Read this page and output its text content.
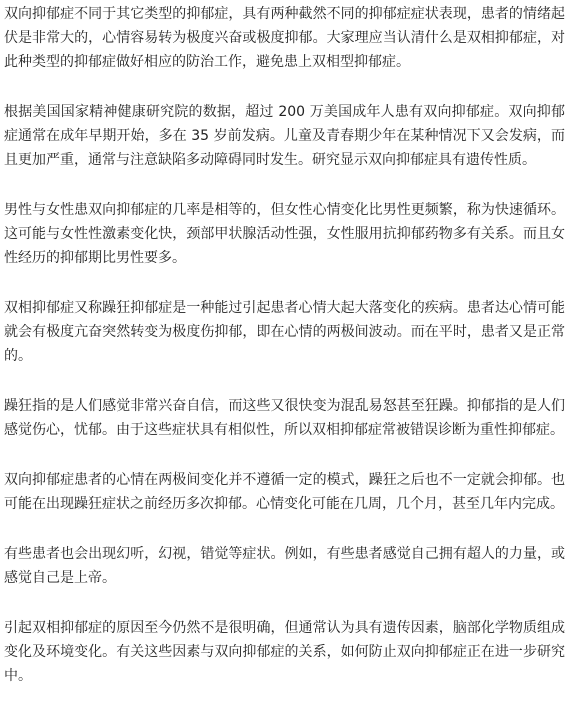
双向抑郁症不同于其它类型的抑郁症，具有两种截然不同的抑郁症症状表现，患者的情绪起伏是非常大的，心情容易转为极度兴奋或极度抑郁。大家理应当认清什么是双相抑郁症，对此种类型的抑郁症做好相应的防治工作，避免患上双相型抑郁症。

根据美国国家精神健康研究院的数据，超过 200 万美国成年人患有双向抑郁症。双向抑郁症通常在成年早期开始，多在 35 岁前发病。儿童及青春期少年在某种情况下又会发病，而且更加严重，通常与注意缺陷多动障碍同时发生。研究显示双向抑郁症具有遗传性质。

男性与女性患双向抑郁症的几率是相等的，但女性心情变化比男性更频繁，称为快速循环。这可能与女性性激素变化快，颈部甲状腺活动性强，女性服用抗抑郁药物多有关系。而且女性经历的抑郁期比男性要多。

双相抑郁症又称躁狂抑郁症是一种能过引起患者心情大起大落变化的疾病。患者达心情可能就会有极度亢奋突然转变为极度伤抑郁，即在心情的两极间波动。而在平时，患者又是正常的。

躁狂指的是人们感觉非常兴奋自信，而这些又很快变为混乱易怒甚至狂躁。抑郁指的是人们感觉伤心，忧郁。由于这些症状具有相似性，所以双相抑郁症常被错误诊断为重性抑郁症。

双向抑郁症患者的心情在两极间变化并不遵循一定的模式，躁狂之后也不一定就会抑郁。也可能在出现躁狂症状之前经历多次抑郁。心情变化可能在几周，几个月，甚至几年内完成。

有些患者也会出现幻听，幻视，错觉等症状。例如，有些患者感觉自己拥有超人的力量，或感觉自己是上帝。

引起双相抑郁症的原因至今仍然不是很明确，但通常认为具有遗传因素，脑部化学物质组成变化及环境变化。有关这些因素与双向抑郁症的关系，如何防止双向抑郁症正在进一步研究中。
